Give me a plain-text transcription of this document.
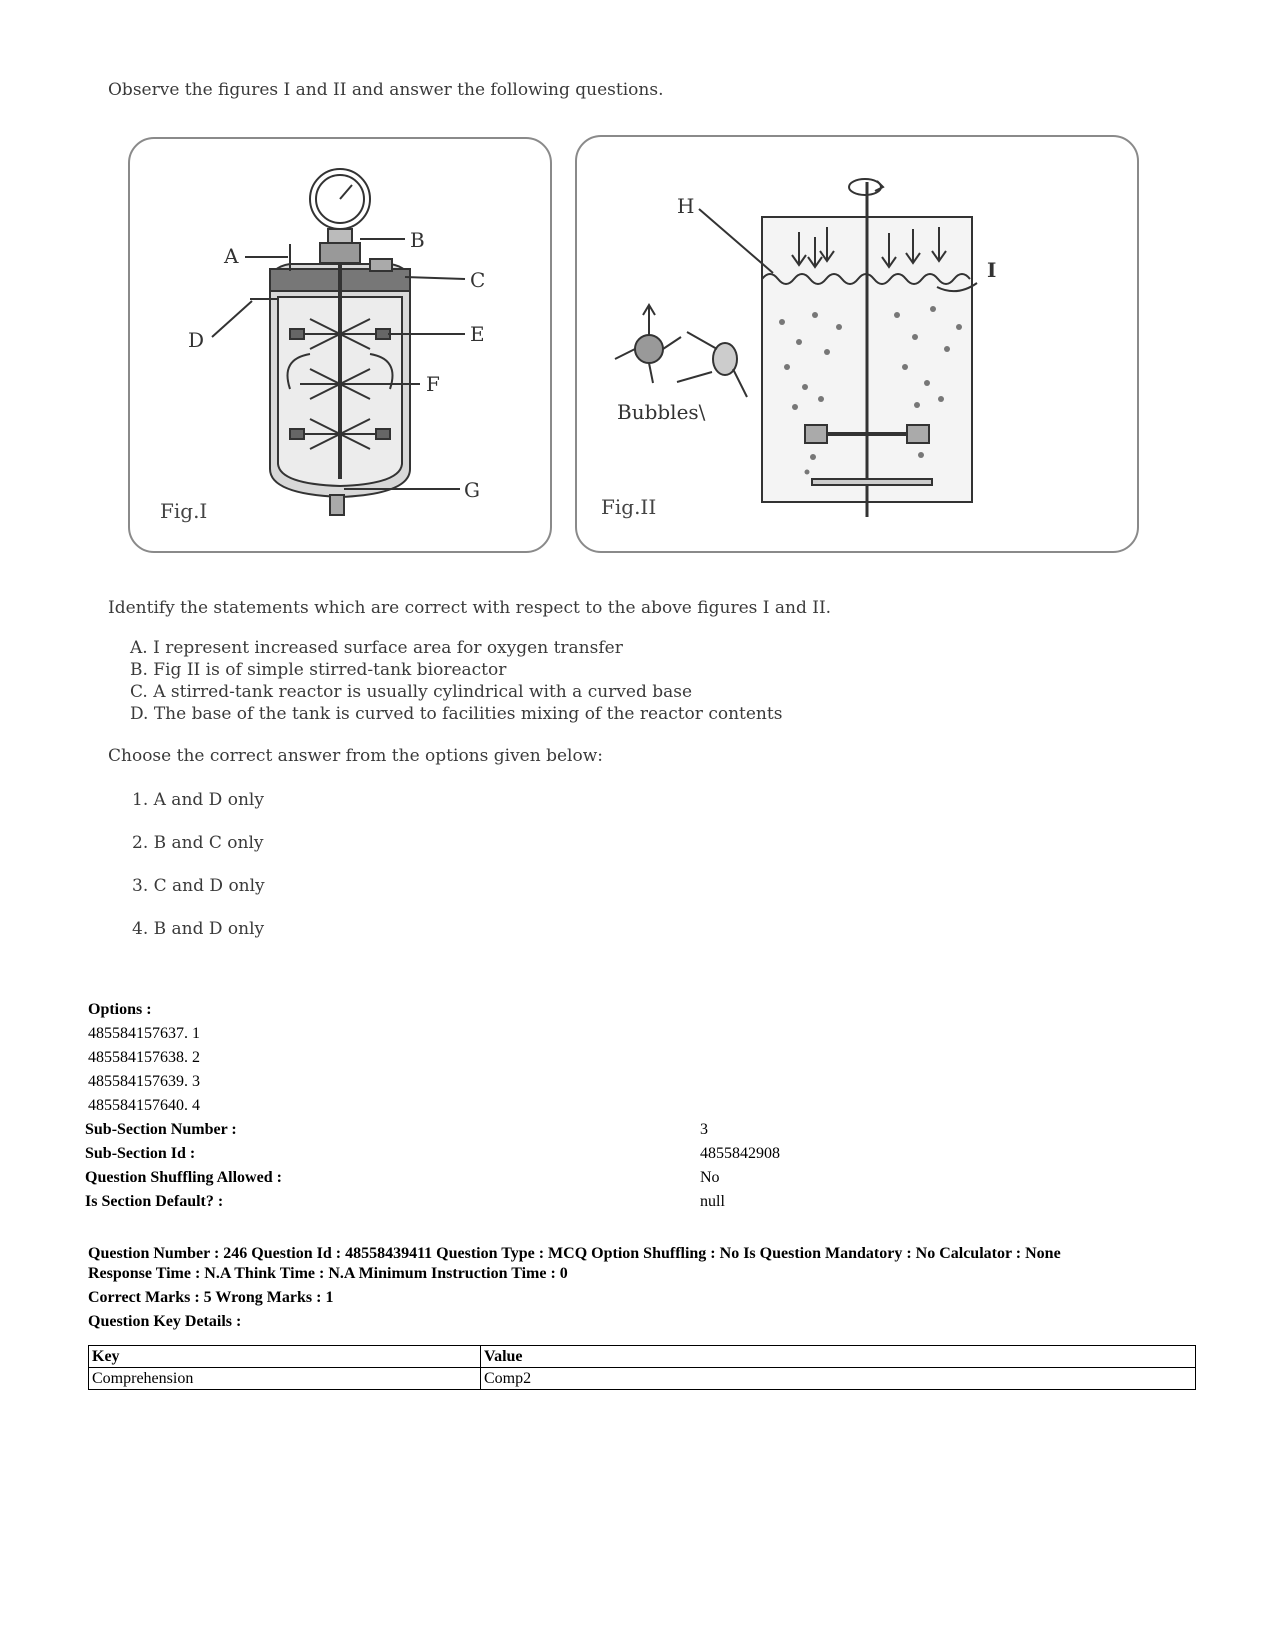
Observe the figures I and II and answer the following questions.
A
B
C
D	E
F
G
Fig.I
H
I
Bubbles\
Fig.II
Identify the statements which are correct with respect to the above figures I and II.
A. I represent increased surface area for oxygen transfer
B. Fig II is of simple stirred-tank bioreactor
C. A stirred-tank reactor is usually cylindrical with a curved base
D. The base of the tank is curved to facilities mixing of the reactor contents
Choose the correct answer from the options given below:
1. A and D only
2. B and C only
3. C and D only
4. B and D only
Options :
485584157637. 1
485584157638. 2
485584157639. 3
485584157640. 4
Sub-Section Number :	3
Sub-Section Id :	4855842908
Question Shuffling Allowed :	No
Is Section Default? :	null
Question Number : 246 Question Id : 48558439411 Question Type : MCQ Option Shuffling : No Is Question Mandatory : No Calculator : None
Response Time : N.A Think Time : N.A Minimum Instruction Time : 0
Correct Marks : 5 Wrong Marks : 1
Question Key Details :
Key	Value
Comprehension	Comp2
